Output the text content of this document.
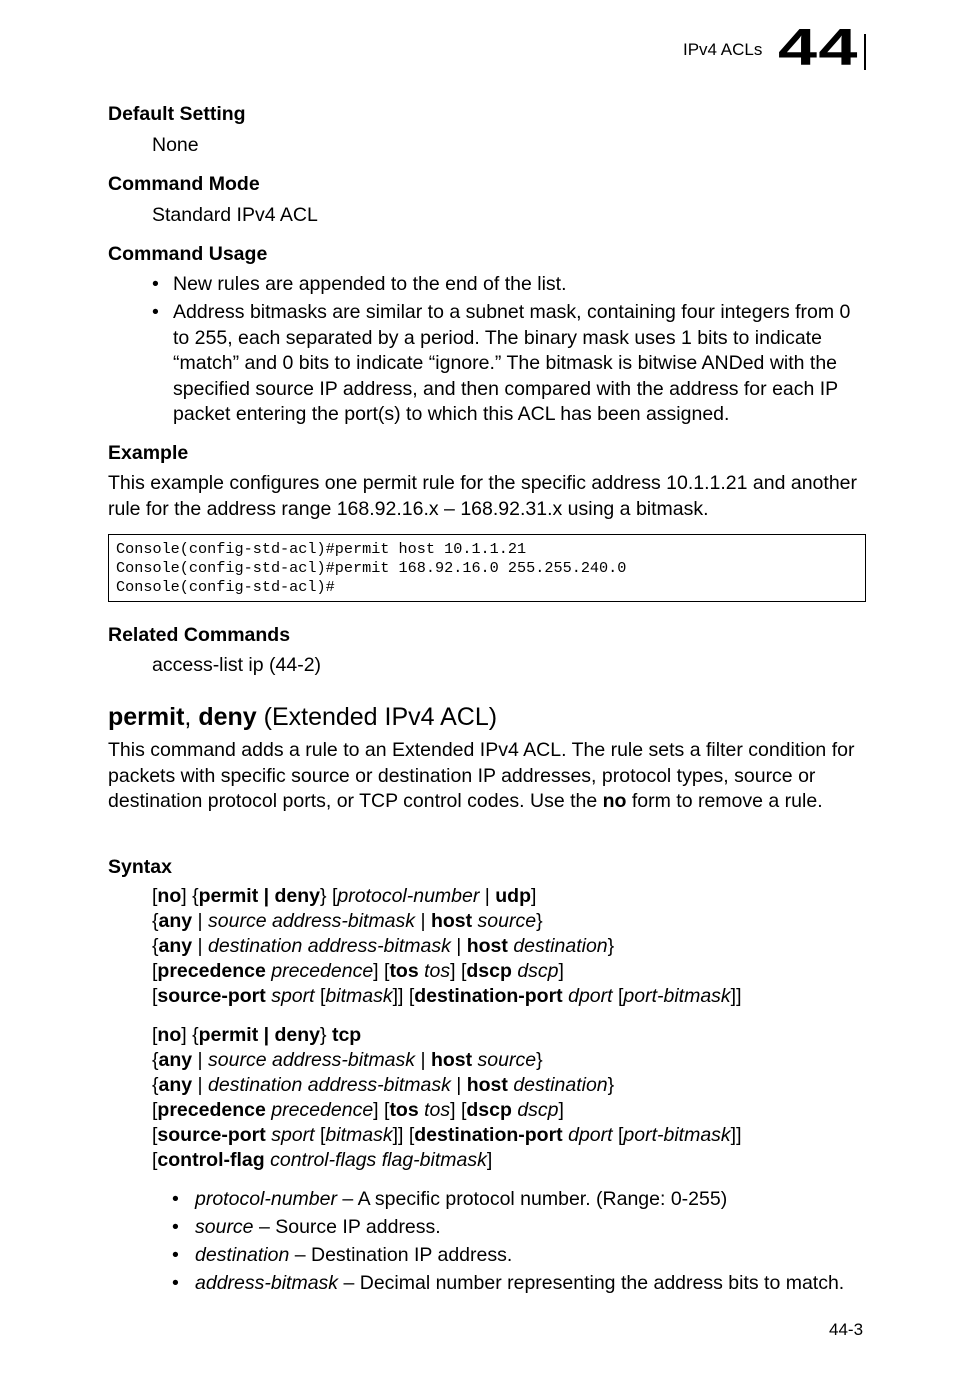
IPv4 ACLs 44
Default Setting
None
Command Mode
Standard IPv4 ACL
Command Usage
• New rules are appended to the end of the list.
• Address bitmasks are similar to a subnet mask, containing four integers from 0 to 255, each separated by a period. The binary mask uses 1 bits to indicate “match” and 0 bits to indicate “ignore.” The bitmask is bitwise ANDed with the specified source IP address, and then compared with the address for each IP packet entering the port(s) to which this ACL has been assigned.
Example
This example configures one permit rule for the specific address 10.1.1.21 and another rule for the address range 168.92.16.x – 168.92.31.x using a bitmask.
Console(config-std-acl)#permit host 10.1.1.21
Console(config-std-acl)#permit 168.92.16.0 255.255.240.0
Console(config-std-acl)#
Related Commands
access-list ip (44-2)
permit, deny (Extended IPv4 ACL)
This command adds a rule to an Extended IPv4 ACL. The rule sets a filter condition for packets with specific source or destination IP addresses, protocol types, source or destination protocol ports, or TCP control codes. Use the no form to remove a rule.
Syntax
[no] {permit | deny} [protocol-number | udp]
{any | source address-bitmask | host source}
{any | destination address-bitmask | host destination}
[precedence precedence] [tos tos] [dscp dscp]
[source-port sport [bitmask]] [destination-port dport [port-bitmask]]
[no] {permit | deny} tcp
{any | source address-bitmask | host source}
{any | destination address-bitmask | host destination}
[precedence precedence] [tos tos] [dscp dscp]
[source-port sport [bitmask]] [destination-port dport [port-bitmask]]
[control-flag control-flags flag-bitmask]
• protocol-number – A specific protocol number. (Range: 0-255)
• source – Source IP address.
• destination – Destination IP address.
• address-bitmask – Decimal number representing the address bits to match.
44-3
